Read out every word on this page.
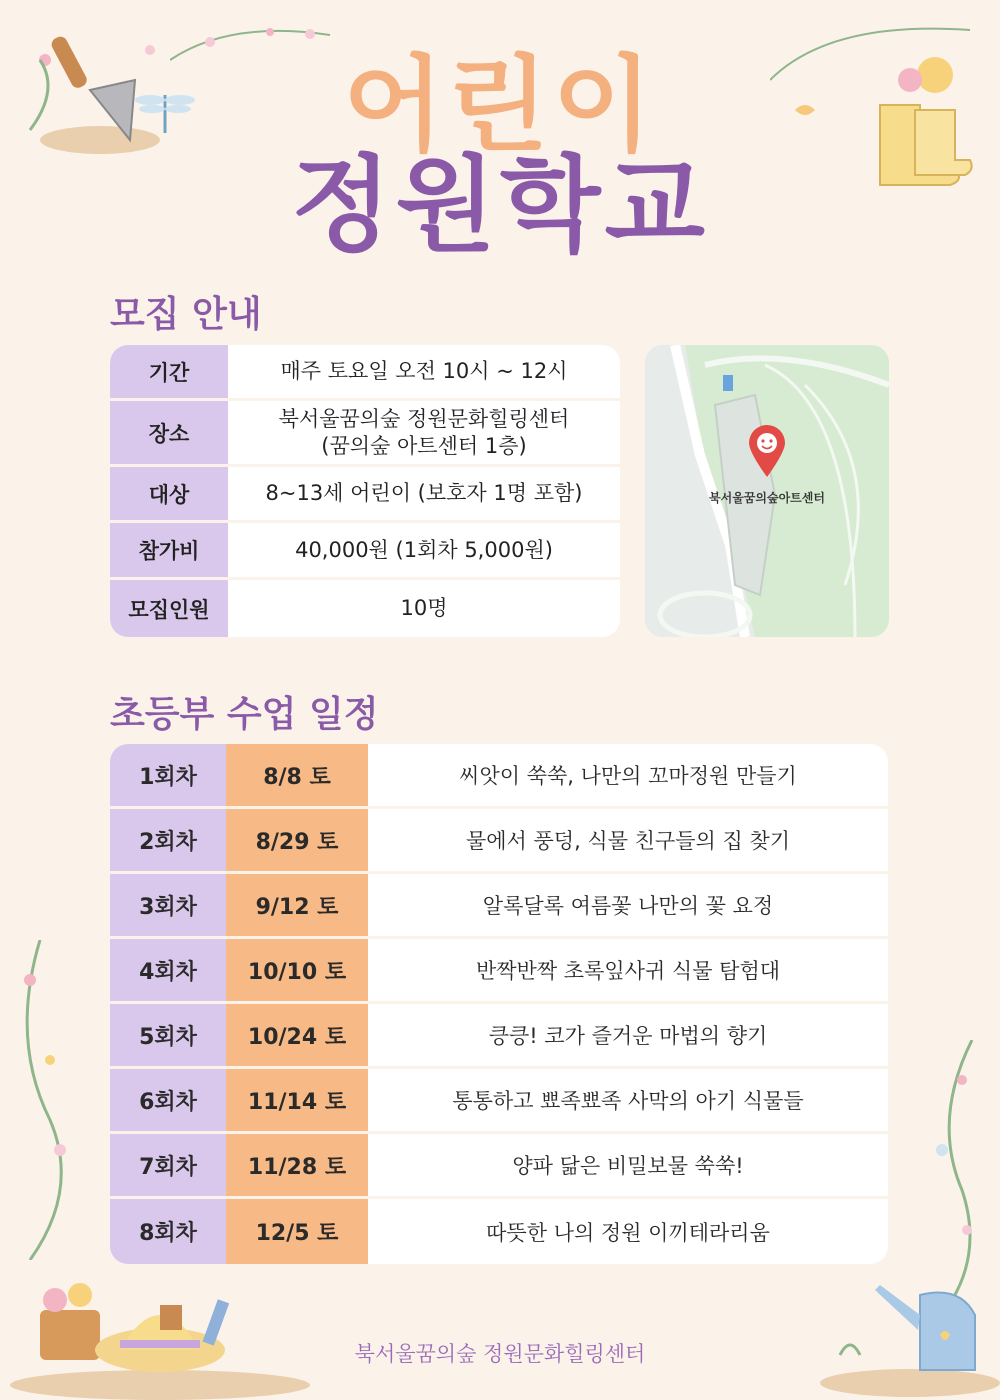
어린이
정원학교
모집 안내
기간	매주 토요일 오전 10시 ~ 12시
장소
북서울꿈의숲 정원문화힐링센터
(꿈의숲 아트센터 1층)
대상	8~13세 어린이 (보호자 1명 포함)
참가비	40,000원 (1회차 5,000원)
모집인원	10명
북서울꿈의숲아트센터
초등부 수업 일정
1회차	8/8 토	씨앗이 쑥쑥, 나만의 꼬마정원 만들기
2회차	8/29 토	물에서 풍덩, 식물 친구들의 집 찾기
3회차	9/12 토	알록달록 여름꽃 나만의 꽃 요정
4회차	10/10 토	반짝반짝 초록잎사귀 식물 탐험대
5회차	10/24 토	킁킁! 코가 즐거운 마법의 향기
6회차	11/14 토	통통하고 뾰족뾰족 사막의 아기 식물들
7회차	11/28 토	양파 닮은 비밀보물 쑥쑥!
8회차	12/5 토	따뜻한 나의 정원 이끼테라리움
북서울꿈의숲 정원문화힐링센터
